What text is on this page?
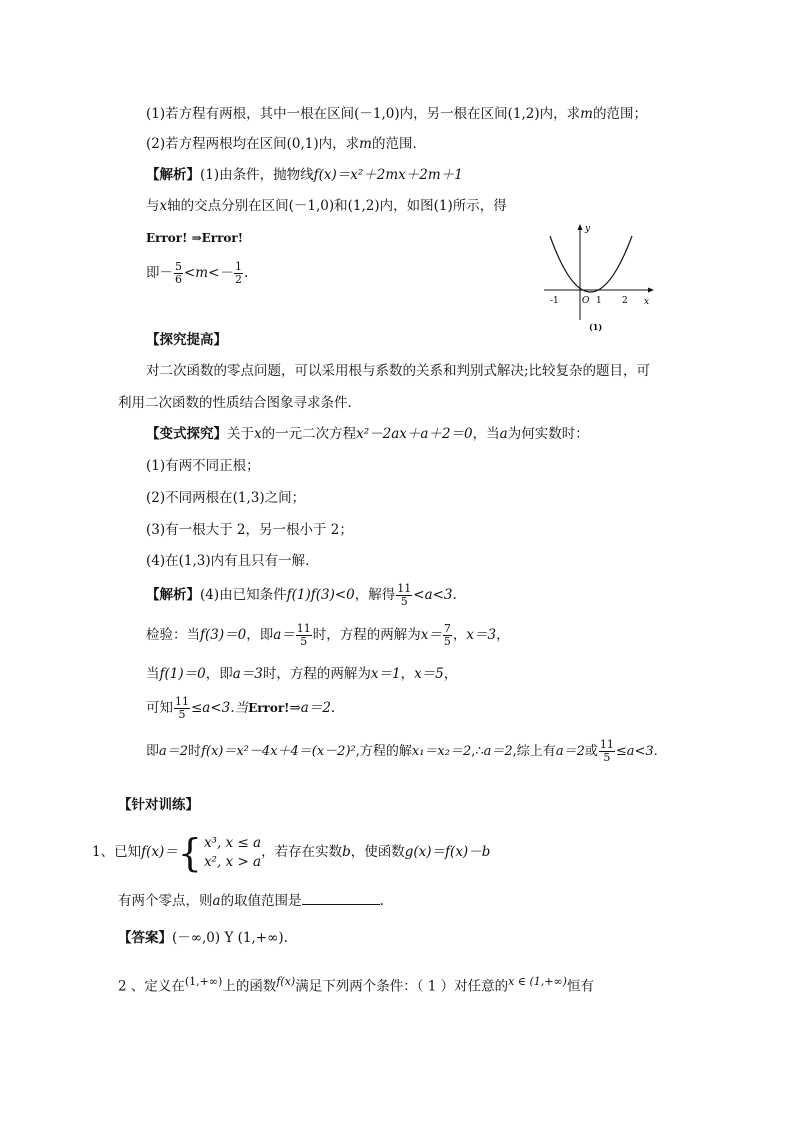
(1)若方程有两根，其中一根在区间(－1,0)内，另一根在区间(1,2)内，求m的范围；
(2)若方程两根均在区间(0,1)内，求m的范围．
【解析】(1)由条件，抛物线f(x)＝x²＋2mx＋2m＋1
与x轴的交点分别在区间(－1,0)和(1,2)内，如图(1)所示，得
Error! ⇒Error!
即－ $\frac{5}{6} <m<- \frac{1}{2}$ .
y
x
O
-1	1 2
(1)
【探究提高】
对二次函数的零点问题，可以采用根与系数的关系和判别式解决;比较复杂的题目，可
利用二次函数的性质结合图象寻求条件．
【变式探究】关于x的一元二次方程x²－2ax＋a＋2＝0，当a为何实数时：
(1)有两不同正根；
(2)不同两根在(1,3)之间；
(3)有一根大于 2，另一根小于 2；
(4)在(1,3)内有且只有一解．
【解析】(4)由已知条件f(1)f(3)<0，解得 $\frac{11}{5} <a<3$.
检验：当f(3)＝0，即$a= \frac{11}{5}$ 时，方程的两解为$x= \frac{7}{5}$ ，x＝3，
当f(1)＝0，即a＝3时，方程的两解为x＝1，x＝5，
可知 $\frac{11}{5} \le a<3$.当Error!⇒a＝2.
即a＝2时f(x)＝x²－4x＋4＝(x－2)²,方程的解x₁＝x₂＝2,∴a＝2,综上有a＝2或 $\frac{11}{5} \le a<3$.
【针对训练】
1、已知f(x)＝ { x³, x ≤ a
x², x > a
，若存在实数b，使函数g(x)＝f(x)－b
有两个零点，则a的取值范围是	.
【答案】(－∞,0) Y (1,+∞).
2 、定义在$^{(1,+\infty)}$上的函数$^{f(x)}$满足下列两个条件：（ 1 ）对任意的$^{x \in (1,+\infty)}$恒有
